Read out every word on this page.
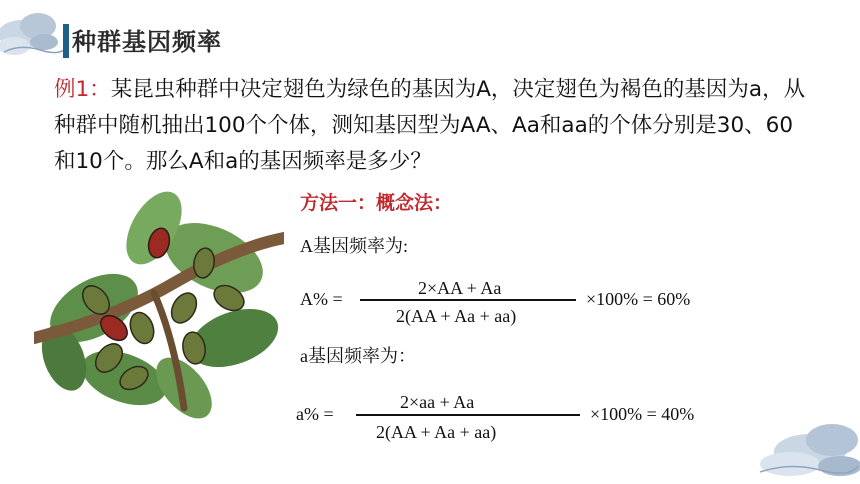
种群基因频率
例1：某昆虫种群中决定翅色为绿色的基因为A，决定翅色为褐色的基因为a，从种群中随机抽出100个个体，测知基因型为AA、Aa和aa的个体分别是30、60和10个。那么A和a的基因频率是多少？
方法一：概念法：
A基因频率为:
A% =
2×AA + Aa
2(AA + Aa + aa)
×100% = 60%
a基因频率为：
a% =
2×aa + Aa
2(AA + Aa + aa)
×100% = 40%
